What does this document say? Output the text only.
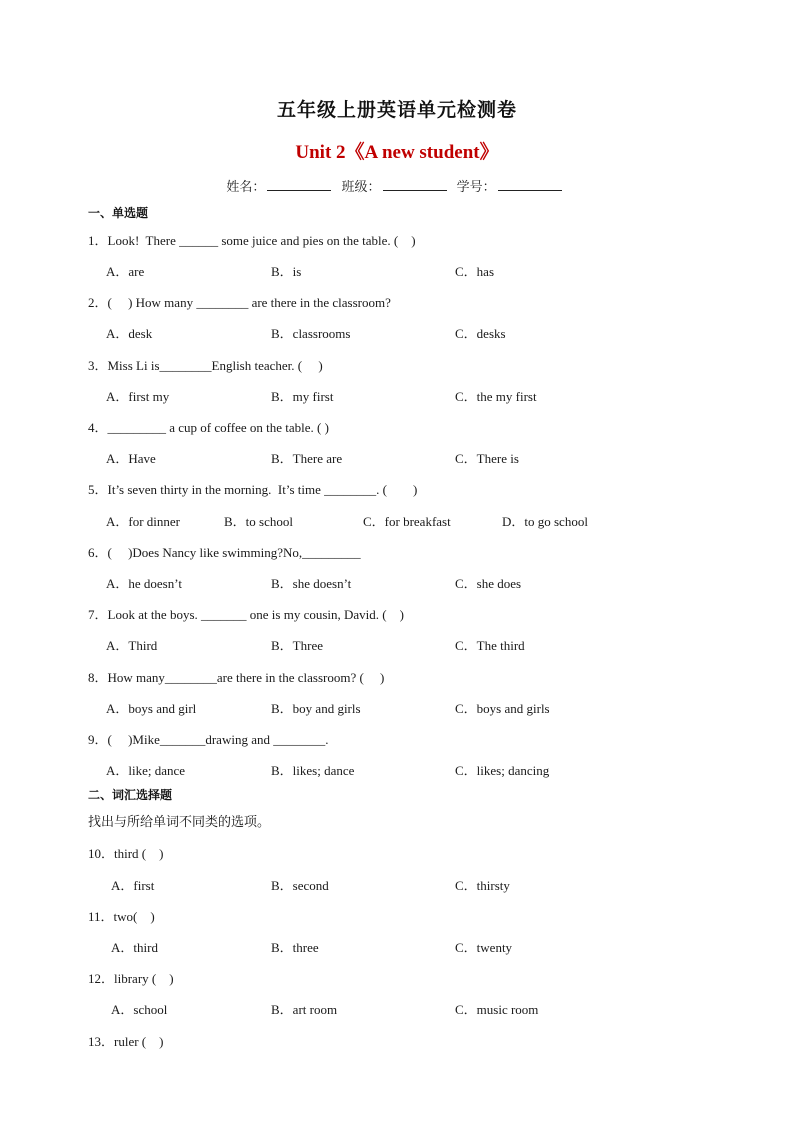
五年级上册英语单元检测卷
Unit 2《A new student》
姓名：	班级：	学号：
一、单选题
1．Look!  There ______ some juice and pies on the table. (    )
A．are	B．is	C．has
2．(     ) How many ________ are there in the classroom?
A．desk	B．classrooms	C．desks
3．Miss Li is________English teacher. (     )
A．first my	B．my first	C．the my first
4．_________ a cup of coffee on the table. ( )
A．Have	B．There are	C．There is
5．It’s seven thirty in the morning.  It’s time ________. (        )
A．for dinner	B．to school	C．for breakfast	D．to go school
6．(     )Does Nancy like swimming?No,_________
A．he doesn’t	B．she doesn’t	C．she does
7．Look at the boys. _______ one is my cousin, David. (    )
A．Third	B．Three	C．The third
8．How many________are there in the classroom? (     )
A．boys and girl	B．boy and girls	C．boys and girls
9．(     )Mike_______drawing and ________.
A．like; dance	B．likes; dance	C．likes; dancing
二、词汇选择题
找出与所给单词不同类的选项。
10．third (    )
A．first	B．second	C．thirsty
11．two(    )
A．third	B．three	C．twenty
12．library (    )
A．school	B．art room	C．music room
13．ruler (    )
